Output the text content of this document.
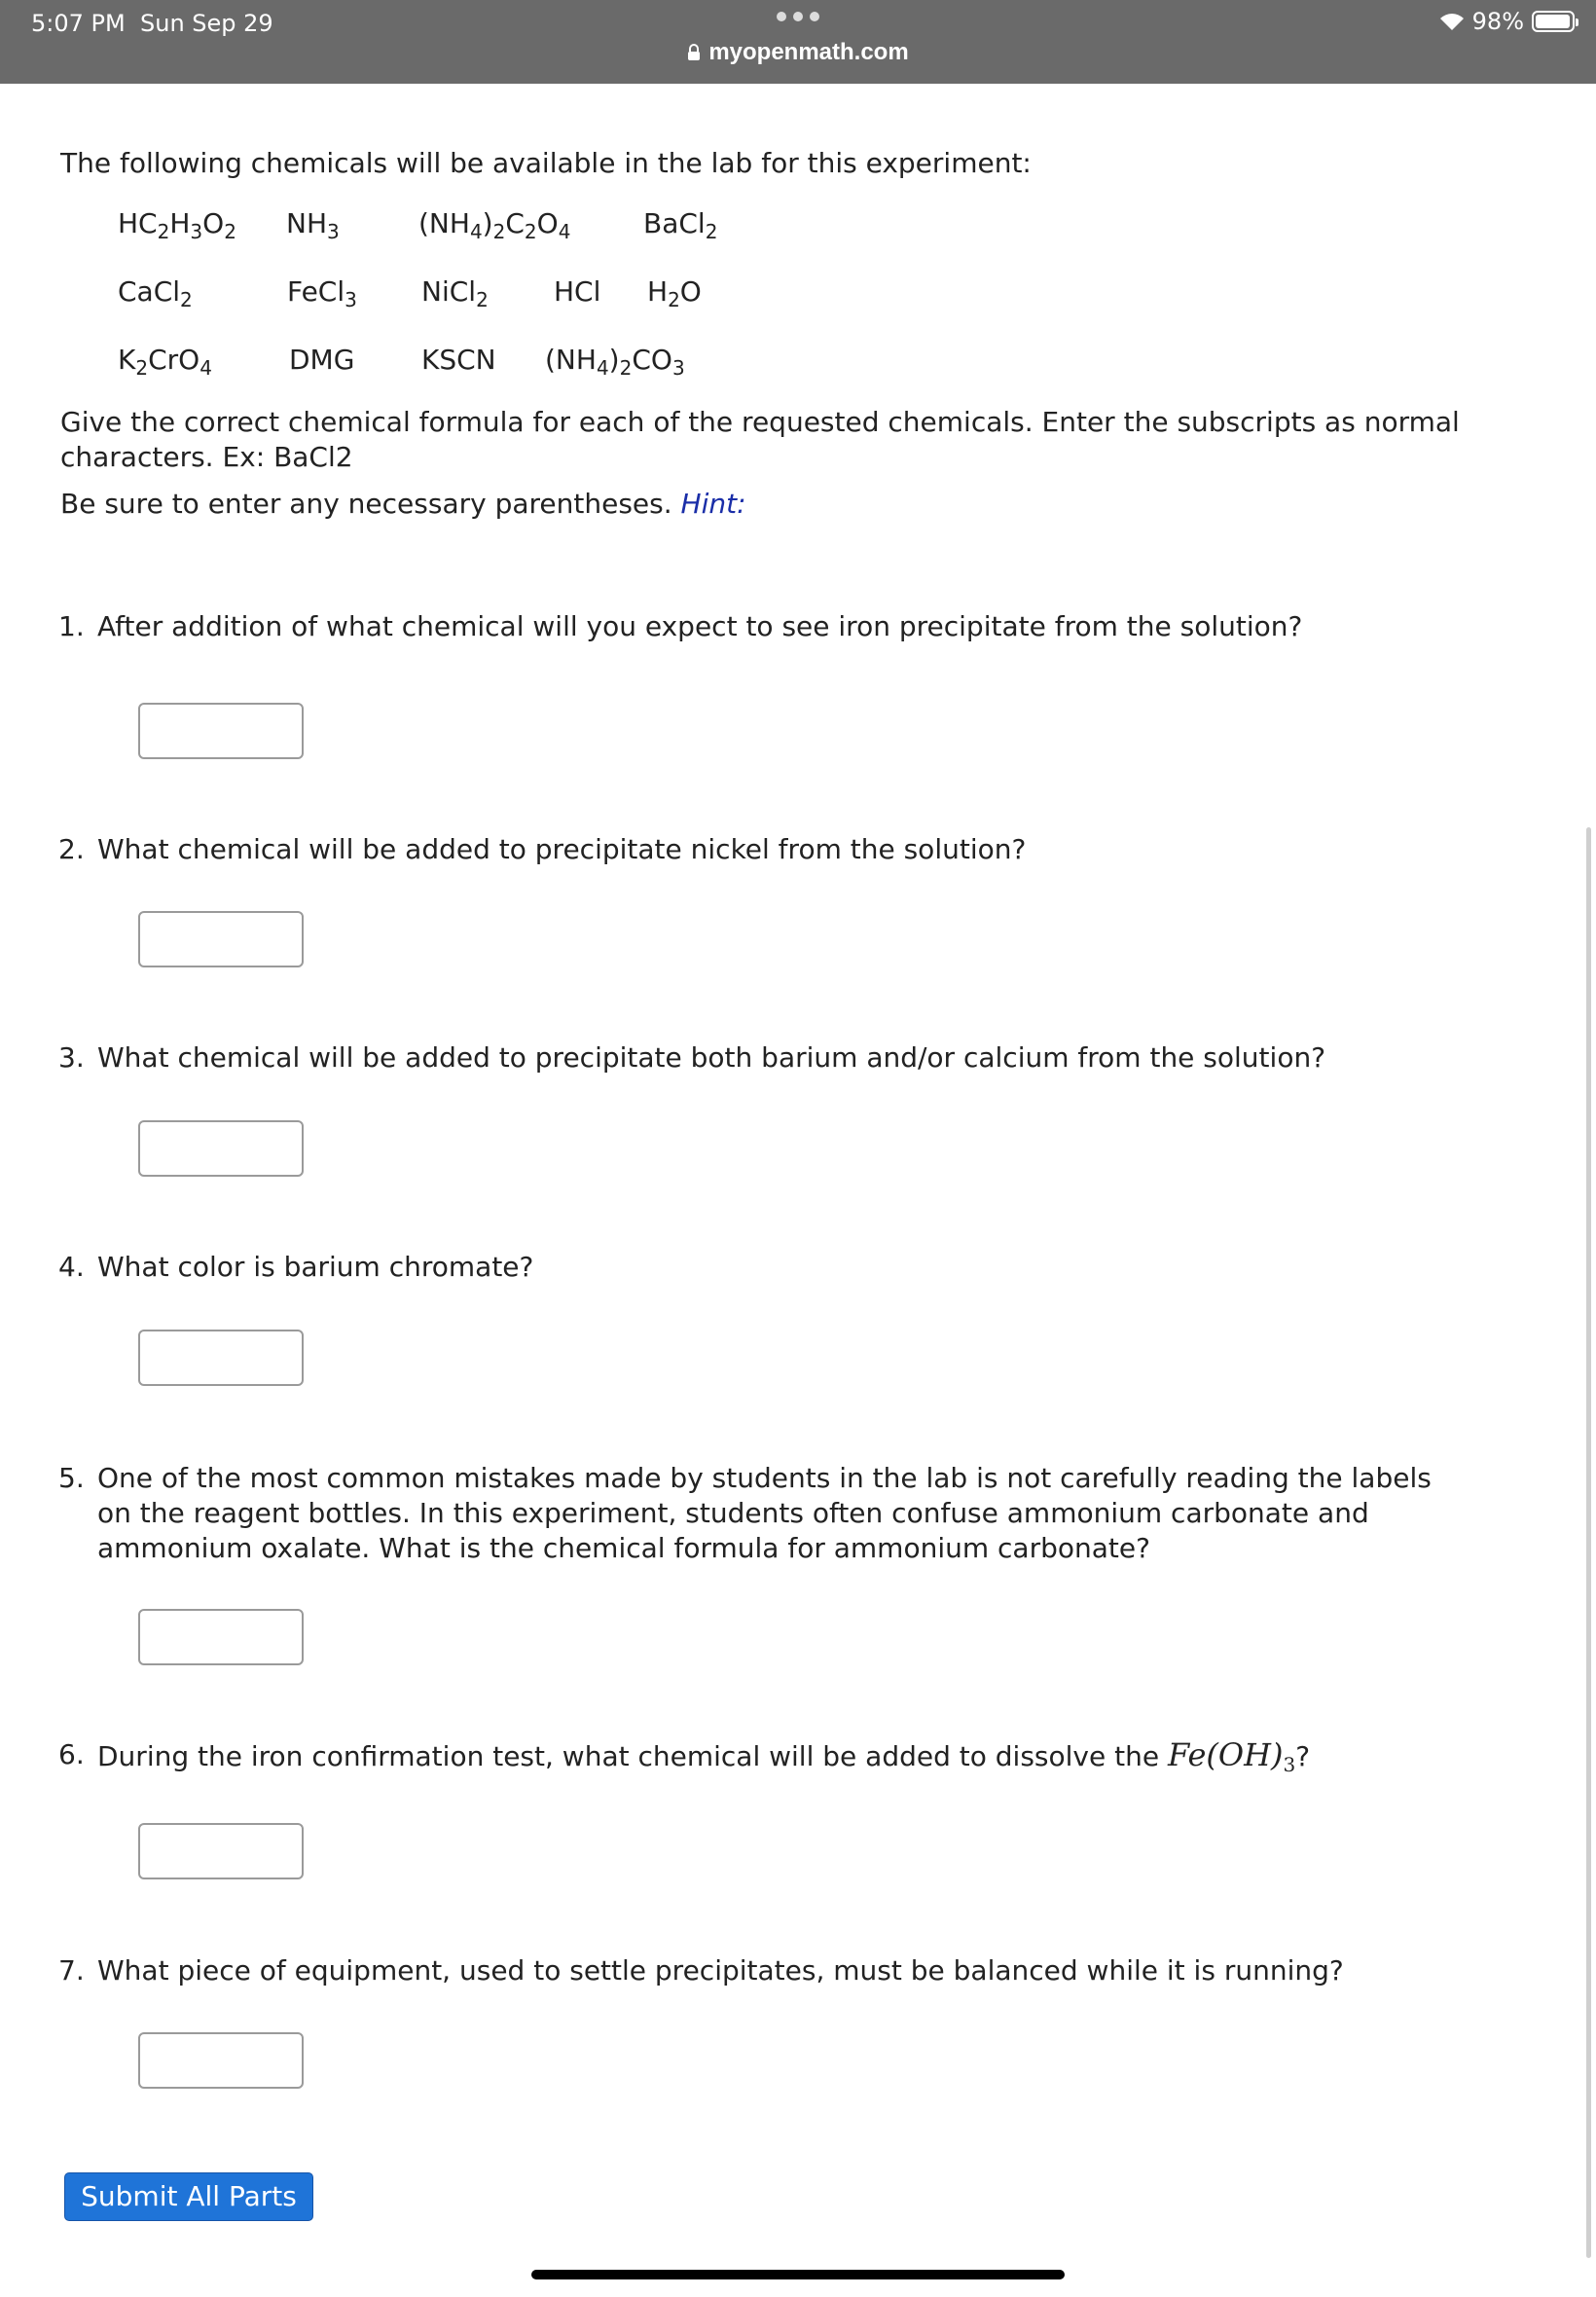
5:07 PM Sun Sep 29
myopenmath.com
98%

The following chemicals will be available in the lab for this experiment:

$HC_2H_3O_2$ $NH_3$	$(NH_4)_2C_2O_4$	BaCl$_2$
CaCl$_2$	FeCl$_3$ NiCl$_2$ HCl $H_2O$
$K_2CrO_4$	DMG KSCN $(NH_4)_2CO_3$

Give the correct chemical formula for each of the requested chemicals. Enter the subscripts as normal characters. Ex: BaCl2

Be sure to enter any necessary parentheses. Hint:

1. After addition of what chemical will you expect to see iron precipitate from the solution?
2. What chemical will be added to precipitate nickel from the solution?
3. What chemical will be added to precipitate both barium and/or calcium from the solution?
4. What color is barium chromate?
5. One of the most common mistakes made by students in the lab is not carefully reading the labels on the reagent bottles. In this experiment, students often confuse ammonium carbonate and ammonium oxalate. What is the chemical formula for ammonium carbonate?
6. During the iron confirmation test, what chemical will be added to dissolve the $Fe(OH)_3$?
7. What piece of equipment, used to settle precipitates, must be balanced while it is running?
Submit All Parts
